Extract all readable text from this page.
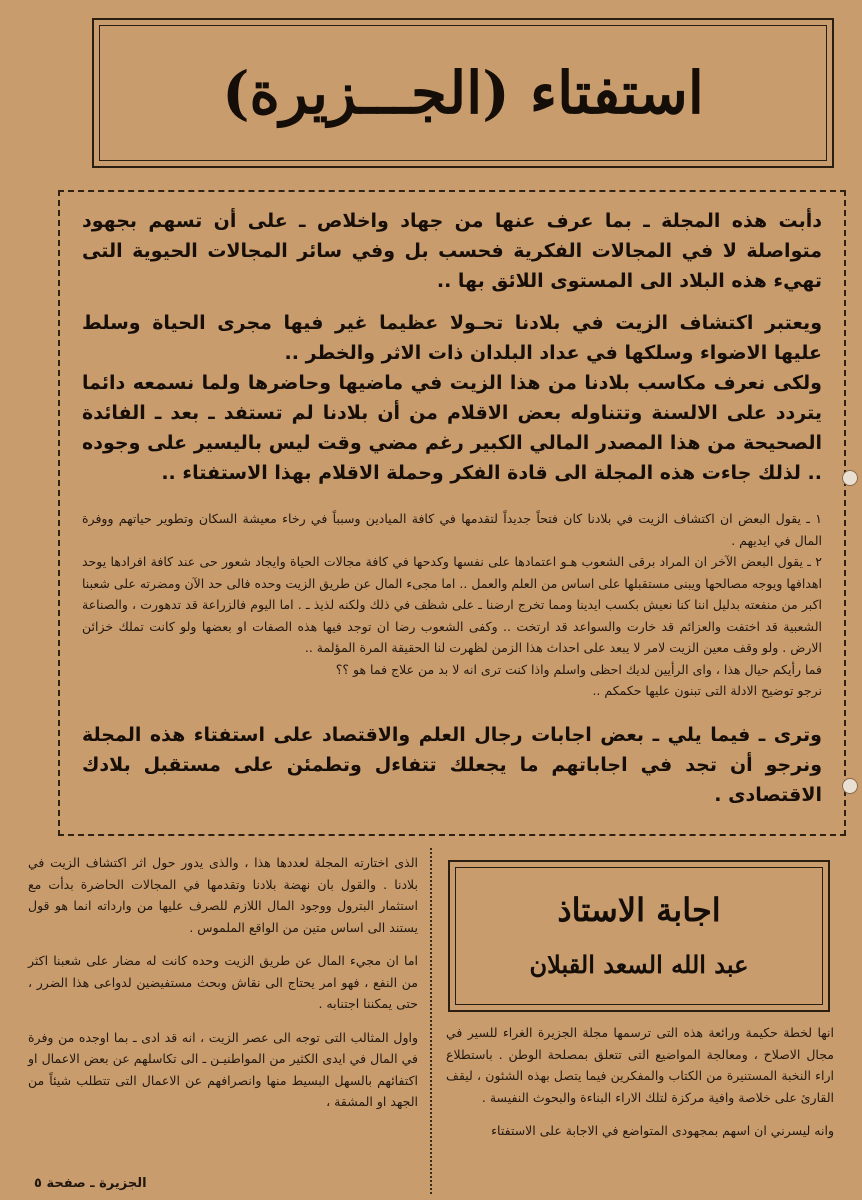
استفتاء (الجـــزيرة)

دأبت هذه المجلة ـ بما عرف عنها من جهاد واخلاص ـ على أن تسهم بجهود متواصلة لا في المجالات الفكرية فحسب بل وفي سائر المجالات الحيوية التى تهيء هذه البلاد الى المستوى اللائق بها ..

ويعتبر اكتشاف الزيت في بلادنا تحـولا عظيما غير فيها مجرى الحياة وسلط عليها الاضواء وسلكها في عداد البلدان ذات الاثر والخطر ..

ولكى نعرف مكاسب بلادنا من هذا الزيت في ماضيها وحاضرها ولما نسمعه دائما يتردد على الالسنة وتتناوله بعض الاقلام من أن بلادنا لم تستفد ـ بعد ـ الفائدة الصحيحة من هذا المصدر المالي الكبير رغم مضي وقت ليس باليسير على وجوده .. لذلك جاءت هذه المجلة الى قادة الفكر وحملة الاقلام بهذا الاستفتاء ..

١ ـ يقول البعض ان اكتشاف الزيت في بلادنا كان فتحاً جديداً لتقدمها في كافة الميادين وسبباً في رخاء معيشة السكان وتطوير حياتهم ووفرة المال في ايديهم .

٢ ـ يقول البعض الآخر ان المراد برقى الشعوب هـو اعتمادها على نفسها وكدحها في كافة مجالات الحياة وايجاد شعور حى عند كافة افرادها يوحد اهدافها ويوجه مصالحها ويبنى مستقبلها على اساس من العلم والعمل .. اما مجىء المال عن طريق الزيت وحده فالى حد الآن ومضرته على شعبنا اكبر من منفعته بدليل اننا كنا نعيش بكسب ايدينا ومما تخرج ارضنا ـ على شظف في ذلك ولكنه لذيذ ـ . اما اليوم فالزراعة قد تدهورت ، والصناعة الشعبية قد اختفت والعزائم قد خارت والسواعد قد ارتخت .. وكفى الشعوب رضا ان توجد فيها هذه الصفات او بعضها ولو كانت تملك خزائن الارض . ولو وقف معين الزيت لامر لا يبعد على احداث هذا الزمن لظهرت لنا الحقيقة المرة المؤلمة ..

فما رأيكم حيال هذا ، واى الرأيين لديك احظى واسلم واذا كنت ترى انه لا بد من علاج فما هو ؟؟

نرجو توضيح الادلة التى تبنون عليها حكمكم ..

وترى ـ فيما يلي ـ بعض اجابات رجال العلم والاقتصاد على استفتاء هذه المجلة ونرجو أن تجد في اجاباتهم ما يجعلك تتفاءل وتطمئن على مستقبل بلادك الاقتصادى .

اجابة الاستاذ
عبد الله السعد القبلان

انها لخطة حكيمة ورائعة هذه التى ترسمها مجلة الجزيرة الغراء للسير في مجال الاصلاح ، ومعالجة المواضيع التى تتعلق بمصلحة الوطن . باستطلاع اراء النخبة المستنيرة من الكتاب والمفكرين فيما يتصل بهذه الشئون ، ليقف القارئ على خلاصة وافية مركزة لتلك الاراء البناءة والبحوث النفيسة .

وانه ليسرني ان اسهم بمجهودى المتواضع في الاجابة على الاستفتاء

الذى اختارته المجلة لعددها هذا ، والذى يدور حول اثر اكتشاف الزيت في بلادنا . والقول بان نهضة بلادنا وتقدمها في المجالات الحاضرة بدأت مع استثمار البترول ووجود المال اللازم للصرف عليها من وارداته انما هو قول يستند الى اساس متين من الواقع الملموس .

اما ان مجيء المال عن طريق الزيت وحده كانت له مضار على شعبنا اكثر من النفع ، فهو امر يحتاج الى نقاش وبحث مستفيضين لدواعى هذا الضرر ، حتى يمكننا اجتنابه .

واول المثالب التى توجه الى عصر الزيت ، انه قد ادى ـ بما اوجده من وفرة في المال في ايدى الكثير من المواطنيـن ـ الى تكاسلهم عن بعض الاعمال او اكتفائهم بالسهل البسيط منها وانصرافهم عن الاعمال التى تتطلب شيئاً من الجهد او المشقة ،

الجزيرة ـ صفحة ٥
